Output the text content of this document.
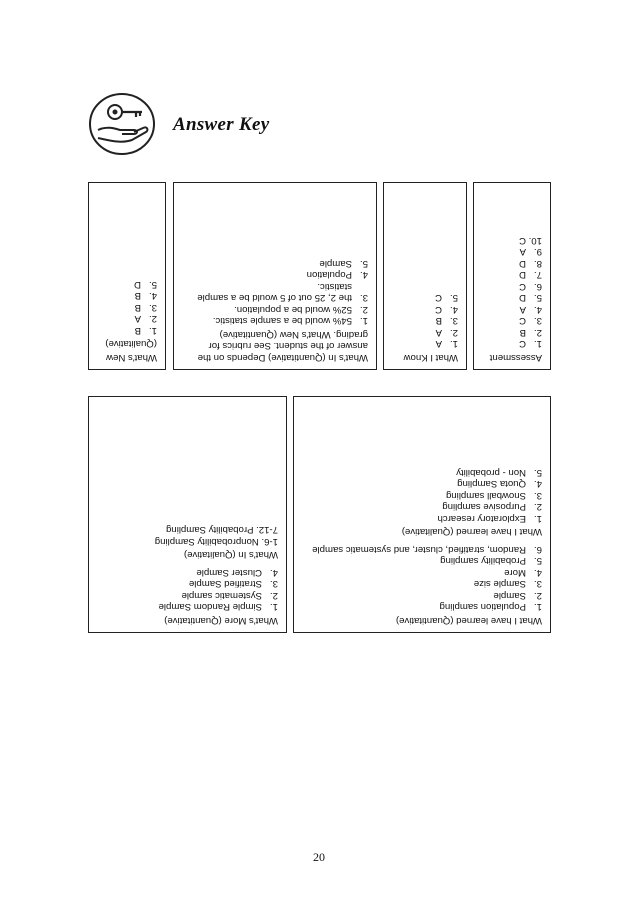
Answer Key
What's New
(Qualitative)
1.
B
2.
A
3.
B
4.
B
5.
D
What's In (Quantitative) Depends on the answer of the student. See rubrics for grading. What's New (Quantitative)
1.
54% would be a sample statistic.
2.
52% would be a population.
3.
the 2, 25 out of 5 would be a sample statistic.
4.
Population
5.
Sample
What I Know
1.
A
2.
A
3.
B
4.
C
5.
C
Assessment
1.
C
2.
B
3.
C
4.
A
5.
D
6.
C
7.
D
8.
D
9.
A
10.
C
What's More (Quantitative)
1.
Simple Random Sample
2.
Systematic sample
3.
Stratified Sample
4.
Cluster Sample
What's In (Qualitative)
1-6. Nonprobability Sampling
7-12. Probability Sampling
What I have learned (Quantitative)
1.
Population sampling
2.
Sample
3.
Sample size
4.
More
5.
Probability sampling
6.
Random, stratified, cluster, and systematic sample
What I have learned (Qualitative)
1.
Exploratory research
2.
Purposive sampling
3.
Snowball sampling
4.
Quota Sampling
5.
Non - probability
20
